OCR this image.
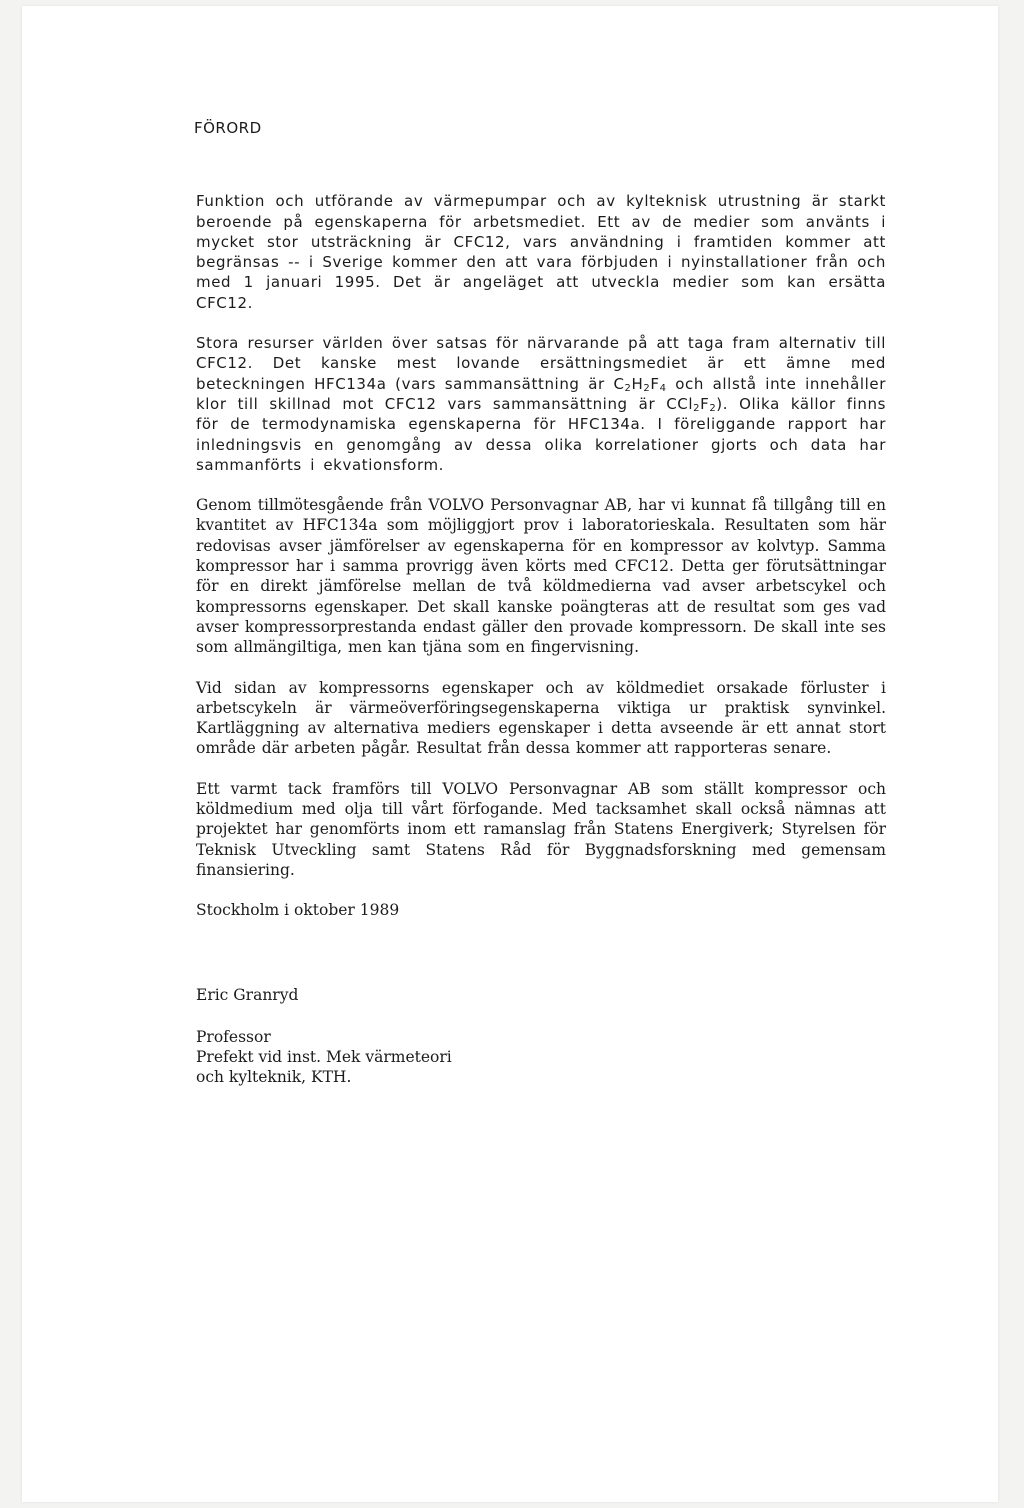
FÖRORD

Funktion och utförande av värmepumpar och av kylteknisk utrustning är starkt beroende på egenskaperna för arbetsmediet. Ett av de medier som använts i mycket stor utsträckning är CFC12, vars användning i framtiden kommer att begränsas -- i Sverige kommer den att vara förbjuden i nyinstallationer från och med 1 januari 1995. Det är angeläget att utveckla medier som kan ersätta CFC12.

Stora resurser världen över satsas för närvarande på att taga fram alternativ till CFC12. Det kanske mest lovande ersättningsmediet är ett ämne med beteckningen HFC134a (vars sammansättning är $C_2H_2F_4$ och allstå inte innehåller klor till skillnad mot CFC12 vars sammansättning är $CCl_2F_2$). Olika källor finns för de termodynamiska egenskaperna för HFC134a. I föreliggande rapport har inledningsvis en genomgång av dessa olika korrelationer gjorts och data har sammanförts i ekvationsform.

Genom tillmötesgående från VOLVO Personvagnar AB, har vi kunnat få tillgång till en kvantitet av HFC134a som möjliggjort prov i laboratorieskala. Resultaten som här redovisas avser jämförelser av egenskaperna för en kompressor av kolvtyp. Samma kompressor har i samma provrigg även körts med CFC12. Detta ger förutsättningar för en direkt jämförelse mellan de två köldmedierna vad avser arbetscykel och kompressorns egenskaper. Det skall kanske poängteras att de resultat som ges vad avser kompressorprestanda endast gäller den provade kompressorn. De skall inte ses som allmängiltiga, men kan tjäna som en fingervisning.

Vid sidan av kompressorns egenskaper och av köldmediet orsakade förluster i arbetscykeln är värmeöverföringsegenskaperna viktiga ur praktisk synvinkel. Kartläggning av alternativa mediers egenskaper i detta avseende är ett annat stort område där arbeten pågår. Resultat från dessa kommer att rapporteras senare.

Ett varmt tack framförs till VOLVO Personvagnar AB som ställt kompressor och köldmedium med olja till vårt förfogande. Med tacksamhet skall också nämnas att projektet har genomförts inom ett ramanslag från Statens Energiverk; Styrelsen för Teknisk Utveckling samt Statens Råd för Byggnadsforskning med gemensam finansiering.

Stockholm i oktober 1989

Eric Granryd

Professor

Prefekt vid inst. Mek värmeteori

och kylteknik, KTH.
